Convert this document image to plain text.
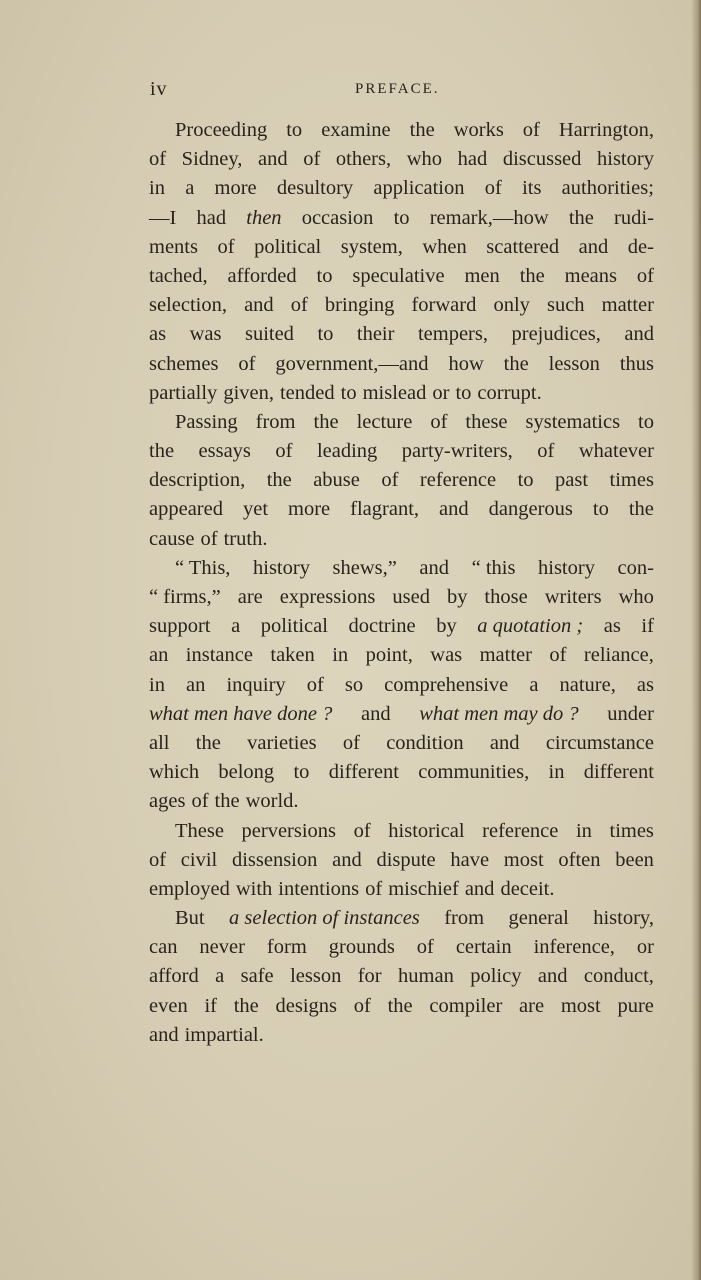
iv	PREFACE.
Proceeding to examine the works of Harrington,
of Sidney, and of others, who had discussed history
in a more desultory application of its authorities;
—I had then occasion to remark,—how the rudi-
ments of political system, when scattered and de-
tached, afforded to speculative men the means of
selection, and of bringing forward only such matter
as was suited to their tempers, prejudices, and
schemes of government,—and how the lesson thus
partially given, tended to mislead or to corrupt.
Passing from the lecture of these systematics to
the essays of leading party-writers, of whatever
description, the abuse of reference to past times
appeared yet more flagrant, and dangerous to the
cause of truth.
“ This, history shews,” and “ this history con-
“ firms,” are expressions used by those writers who
support a political doctrine by a quotation ; as if
an instance taken in point, was matter of reliance,
in an inquiry of so comprehensive a nature, as
what men have done ? and what men may do ? under
all the varieties of condition and circumstance
which belong to different communities, in different
ages of the world.
These perversions of historical reference in times
of civil dissension and dispute have most often been
employed with intentions of mischief and deceit.
But a selection of instances from general history,
can never form grounds of certain inference, or
afford a safe lesson for human policy and conduct,
even if the designs of the compiler are most pure
and impartial.
